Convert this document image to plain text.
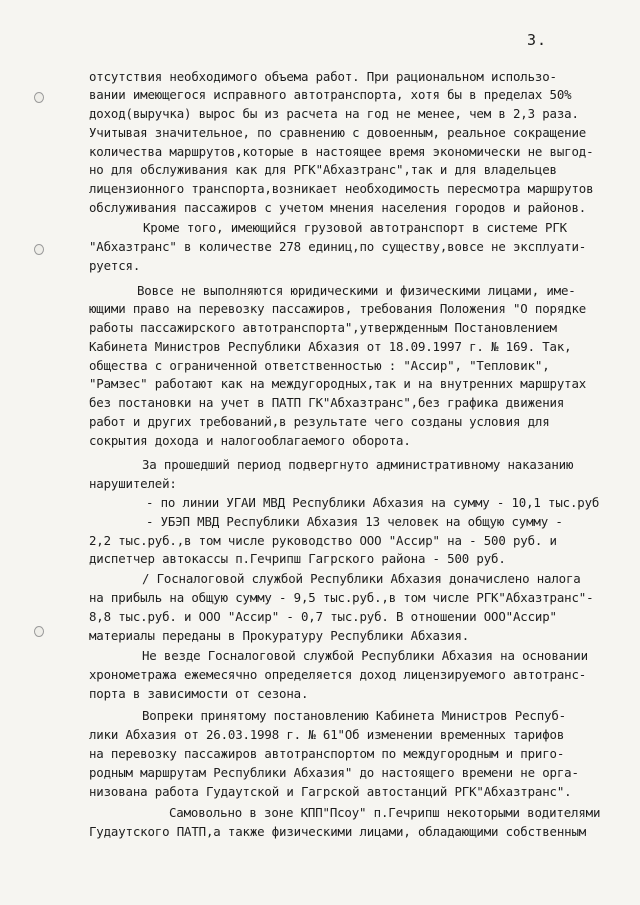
3.
отсутствия необходимого объема работ. При рациональном использо-
вании имеющегося исправного автотранспорта, хотя бы в пределах 50%
доход(выручка) вырос бы из расчета на год не менее, чем в 2,3 раза.
Учитывая значительное, по сравнению с довоенным, реальное сокращение
количества маршрутов,которые в настоящее время экономически не выгод-
но для обслуживания как для РГК"Абхазтранс",так и для владельцев
лицензионного транспорта,возникает необходимость пересмотра маршрутов
обслуживания пассажиров с учетом мнения населения городов и районов.
Кроме того, имеющийся грузовой автотранспорт в системе РГК
"Абхазтранс" в количестве 278 единиц,по существу,вовсе не эксплуати-
руется.
Вовсе не выполняются юридическими и физическими лицами, име-
ющими право на перевозку пассажиров, требования Положения "О порядке
работы пассажирского автотранспорта",утвержденным Постановлением
Кабинета Министров Республики Абхазия от 18.09.1997 г. № 169. Так,
общества с ограниченной ответственностью : "Ассир", "Тепловик",
"Рамзес" работают как на междугородных,так и на внутренних маршрутах
без постановки на учет в ПАТП ГК"Абхазтранс",без графика движения
работ и других требований,в результате чего созданы условия для
сокрытия дохода и налогооблагаемого оборота.
За прошедший период подвергнуто административному наказанию
нарушителей:
- по линии УГАИ МВД Республики Абхазия на сумму - 10,1 тыс.руб
- УБЭП МВД Республики Абхазия 13 человек на общую сумму -
2,2 тыс.руб.,в том числе руководство ООО "Ассир" на - 500 руб. и
диспетчер автокассы п.Гечрипш Гагрского района - 500 руб.
/ Госналоговой службой Республики Абхазия доначислено налога
на прибыль на общую сумму - 9,5 тыс.руб.,в том числе РГК"Абхазтранс"-
8,8 тыс.руб. и ООО "Ассир" - 0,7 тыс.руб. В отношении ООО"Ассир"
материалы переданы в Прокуратуру Республики Абхазия.
Не везде Госналоговой службой Республики Абхазия на основании
хронометража ежемесячно определяется доход лицензируемого автотранс-
порта в зависимости от сезона.
Вопреки принятому постановлению Кабинета Министров Респуб-
лики Абхазия от 26.03.1998 г. № 61"Об изменении временных тарифов
на перевозку пассажиров автотранспортом по междугородным и приго-
родным маршрутам Республики Абхазия" до настоящего времени не орга-
низована работа Гудаутской и Гагрской автостанций РГК"Абхазтранс".
Самовольно в зоне КПП"Псоу" п.Гечрипш некоторыми водителями
Гудаутского ПАТП,а также физическими лицами, обладающими собственным
